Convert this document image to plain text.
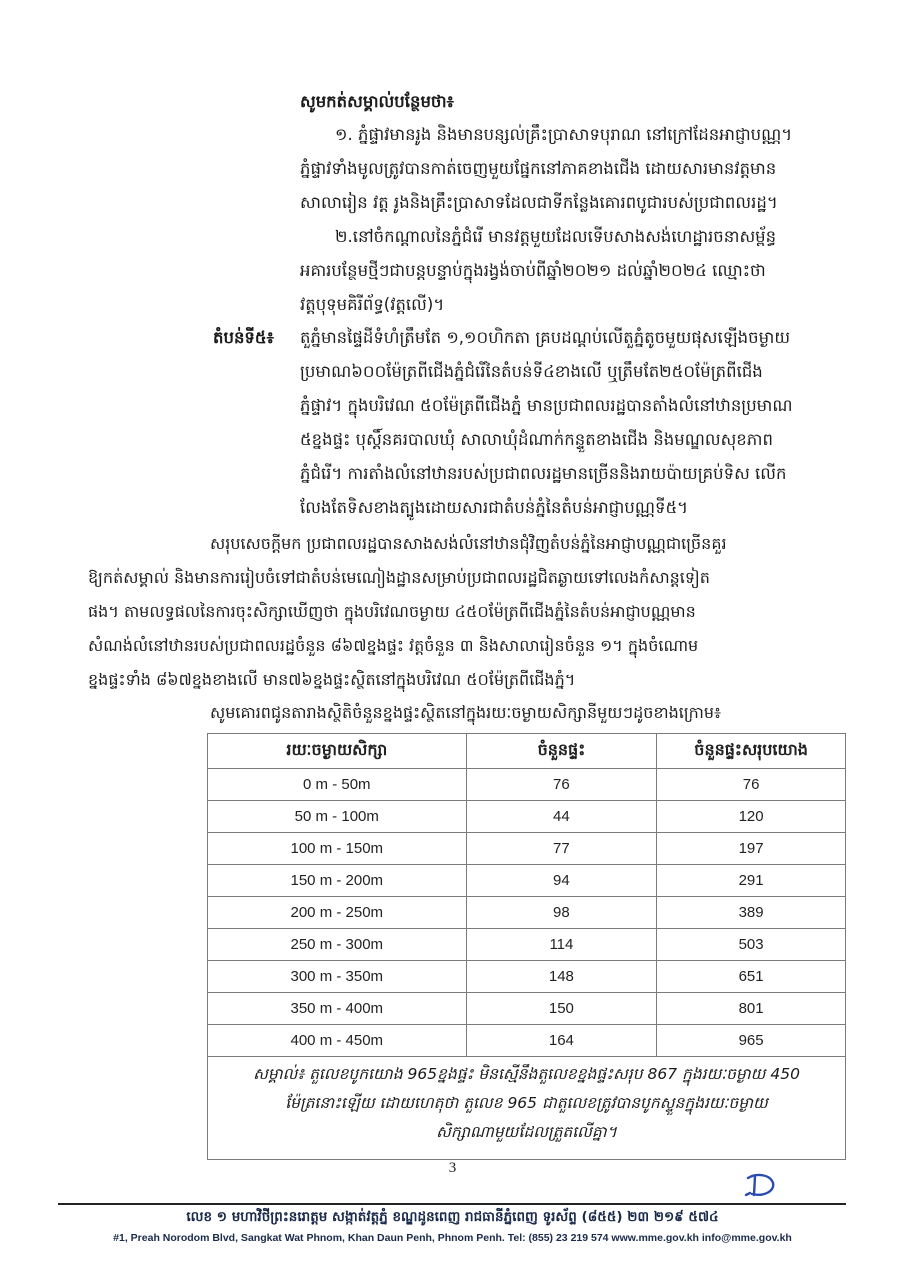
សូមកត់សម្គាល់បន្ថែមថា៖

១. ភ្នំផ្ទាវមានរូង និងមានបន្សល់គ្រឹះប្រាសាទបុរាណ នៅក្រៅដែនអាជ្ញាបណ្ណ។

ភ្នំផ្ទាវទាំងមូលត្រូវបានកាត់ចេញមួយផ្នែកនៅភាគខាងជើង ដោយសារមានវត្តមាន

សាលារៀន វត្ត រូងនិងគ្រឹះប្រាសាទដែលជាទីកន្លែងគោរពបូជារបស់ប្រជាពលរដ្ឋ។

២.នៅចំកណ្ដាលនៃភ្នំជំរើ មានវត្តមួយដែលទើបសាងសង់ហេដ្ឋារចនាសម្ព័ន្ធ

អគារបន្ថែមថ្មីៗជាបន្តបន្ទាប់ក្នុងរង្វង់ចាប់ពីឆ្នាំ២០២១ ដល់ឆ្នាំ២០២៤ ឈ្មោះថា

វត្តបុទុមគិរីព័ទ្ធ(វត្តលើ)។

តំបន់ទី៥៖ តួភ្នំមានផ្ទៃដីទំហំត្រឹមតែ ១,១០ហិកតា គ្របដណ្ដប់លើតួភ្នំតូចមួយផុសឡើងចម្ងាយ

ប្រមាណ៦០០ម៉ែត្រពីជើងភ្នំជំរើនៃតំបន់ទី៤ខាងលើ ឬត្រឹមតែ២៥០ម៉ែត្រពីជើង

ភ្នំផ្ទាវ។ ក្នុងបរិវេណ ៥០ម៉ែត្រពីជើងភ្នំ មានប្រជាពលរដ្ឋបានតាំងលំនៅឋានប្រមាណ

៥ខ្នងផ្ទះ បុស្តិ៍នគរបាលឃុំ សាលាឃុំដំណាក់កន្ទួតខាងជើង និងមណ្ឌលសុខភាព

ភ្នំជំរើ។ ការតាំងលំនៅឋានរបស់ប្រជាពលរដ្ឋមានច្រើននិងរាយប៉ាយគ្រប់ទិស លើក

លែងតែទិសខាងត្បូងដោយសារជាតំបន់ភ្នំនៃតំបន់អាជ្ញាបណ្ណទី៥។

សរុបសេចក្ដីមក ប្រជាពលរដ្ឋបានសាងសង់លំនៅឋានជុំវិញតំបន់ភ្នំនៃអាជ្ញាបណ្ណជាច្រើនគួរ

ឱ្យកត់សម្គាល់ និងមានការរៀបចំទៅជាតំបន់មេណៀងដ្ឋានសម្រាប់ប្រជាពលរដ្ឋជិតឆ្ងាយទៅលេងកំសាន្តទៀត

ផង។ តាមលទ្ធផលនៃការចុះសិក្សាឃើញថា ក្នុងបរិវេណចម្ងាយ ៤៥០ម៉ែត្រពីជើងភ្នំនៃតំបន់អាជ្ញាបណ្ណមាន

សំណង់លំនៅឋានរបស់ប្រជាពលរដ្ឋចំនួន ៨៦៧ខ្នងផ្ទះ វត្តចំនួន ៣ និងសាលារៀនចំនួន ១។ ក្នុងចំណោម

ខ្នងផ្ទះទាំង ៨៦៧ខ្នងខាងលើ មាន៧៦ខ្នងផ្ទះស្ថិតនៅក្នុងបរិវេណ ៥០ម៉ែត្រពីជើងភ្នំ។

សូមគោរពជូនតារាងស្ថិតិចំនួនខ្នងផ្ទះស្ថិតនៅក្នុងរយៈចម្ងាយសិក្សានីមួយៗដូចខាងក្រោម៖

រយៈចម្ងាយសិក្សា	ចំនួនផ្ទះ	ចំនួនផ្ទះសរុបយោង
0 m - 50m	76	76
50 m - 100m	44	120
100 m - 150m	77	197
150 m - 200m	94	291
200 m - 250m	98	389
250 m - 300m	114	503
300 m - 350m	148	651
350 m - 400m	150	801
400 m - 450m	164	965
សម្គាល់៖ តួលេខបូកយោង 965ខ្នងផ្ទះ មិនស្មើនឹងតួលេខខ្នងផ្ទះសរុប 867 ក្នុងរយៈចម្ងាយ 450
ម៉ែត្រនោះឡើយ ដោយហេតុថា តួលេខ 965 ជាតួលេខត្រូវបានបូកស្ទួនក្នុងរយៈចម្ងាយ
សិក្សាណាមួយដែលត្រួតលើគ្នា។
3

លេខ ១ មហាវិថីព្រះនរោត្តម សង្កាត់វត្តភ្នំ ខណ្ឌដូនពេញ រាជធានីភ្នំពេញ ទូរស័ព្ទ (៨៥៥) ២៣ ២១៩ ៥៧៤

#1, Preah Norodom Blvd, Sangkat Wat Phnom, Khan Daun Penh, Phnom Penh. Tel: (855) 23 219 574 www.mme.gov.kh info@mme.gov.kh
